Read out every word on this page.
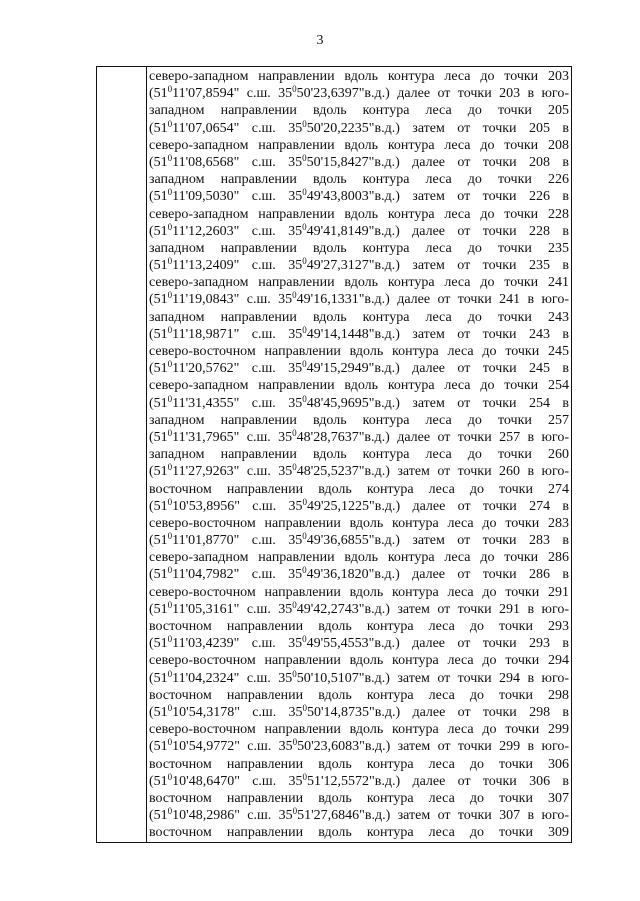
3
северо-западном направлении вдоль контура леса до точки 203
($51^011'07,8594$" с.ш. $35^050'23,6397"в.д$.) далее от точки 203 в юго-
западном направлении вдоль контура леса до точки 205
($51^011'07,0654$" с.ш. $35^050'20,2235"в.д$.) затем от точки 205 в
северо-западном направлении вдоль контура леса до точки 208
($51^011'08,6568$" с.ш. $35^050'15,8427"в.д$.) далее от точки 208 в
западном направлении вдоль контура леса до точки 226
($51^011'09,5030$" с.ш. $35^049'43,8003"в.д$.) затем от точки 226 в
северо-западном направлении вдоль контура леса до точки 228
($51^011'12,2603$" с.ш. $35^049'41,8149"в.д$.) далее от точки 228 в
западном направлении вдоль контура леса до точки 235
($51^011'13,2409$" с.ш. $35^049'27,3127"в.д$.) затем от точки 235 в
северо-западном направлении вдоль контура леса до точки 241
($51^011'19,0843$" с.ш. $35^049'16,1331"в.д$.) далее от точки 241 в юго-
западном направлении вдоль контура леса до точки 243
($51^011'18,9871$" с.ш. $35^049'14,1448"в.д$.) затем от точки 243 в
северо-восточном направлении вдоль контура леса до точки 245
($51^011'20,5762$" с.ш. $35^049'15,2949"в.д$.) далее от точки 245 в
северо-западном направлении вдоль контура леса до точки 254
($51^011'31,4355$" с.ш. $35^048'45,9695"в.д$.) затем от точки 254 в
западном направлении вдоль контура леса до точки 257
($51^011'31,7965$" с.ш. $35^048'28,7637"в.д$.) далее от точки 257 в юго-
западном направлении вдоль контура леса до точки 260
($51^011'27,9263$" с.ш. $35^048'25,5237"в.д$.) затем от точки 260 в юго-
восточном направлении вдоль контура леса до точки 274
($51^010'53,8956$" с.ш. $35^049'25,1225"в.д$.) далее от точки 274 в
северо-восточном направлении вдоль контура леса до точки 283
($51^011'01,8770$" с.ш. $35^049'36,6855"в.д$.) затем от точки 283 в
северо-западном направлении вдоль контура леса до точки 286
($51^011'04,7982$" с.ш. $35^049'36,1820"в.д$.) далее от точки 286 в
северо-восточном направлении вдоль контура леса до точки 291
($51^011'05,3161$" с.ш. $35^049'42,2743"в.д$.) затем от точки 291 в юго-
восточном направлении вдоль контура леса до точки 293
($51^011'03,4239$" с.ш. $35^049'55,4553"в.д$.) далее от точки 293 в
северо-восточном направлении вдоль контура леса до точки 294
($51^011'04,2324$" с.ш. $35^050'10,5107"в.д$.) затем от точки 294 в юго-
восточном направлении вдоль контура леса до точки 298
($51^010'54,3178$" с.ш. $35^050'14,8735"в.д$.) далее от точки 298 в
северо-восточном направлении вдоль контура леса до точки 299
($51^010'54,9772$" с.ш. $35^050'23,6083"в.д$.) затем от точки 299 в юго-
восточном направлении вдоль контура леса до точки 306
($51^010'48,6470$" с.ш. $35^051'12,5572"в.д$.) далее от точки 306 в
восточном направлении вдоль контура леса до точки 307
($51^010'48,2986$" с.ш. $35^051'27,6846"в.д$.) затем от точки 307 в юго-
восточном направлении вдоль контура леса до точки 309
